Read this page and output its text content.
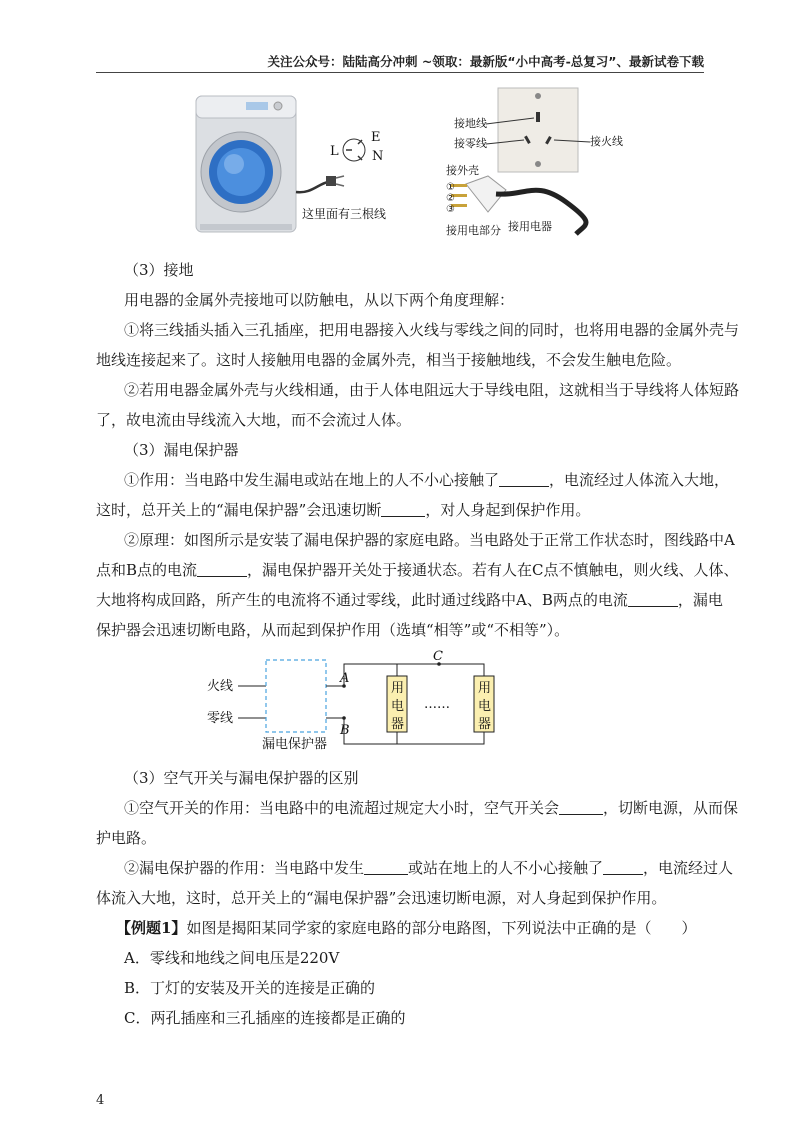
关注公众号：陆陆高分冲刺 ~领取：最新版“小中高考-总复习”、最新试卷下载
L
E
N
这里面有三根线
接地线
接零线	接火线
接外壳
①
②
③
接用电部分 接用电器
（3）接地
用电器的金属外壳接地可以防触电，从以下两个角度理解：
①将三线插头插入三孔插座，把用电器接入火线与零线之间的同时，也将用电器的金属外壳与
地线连接起来了。这时人接触用电器的金属外壳，相当于接触地线，不会发生触电危险。
②若用电器金属外壳与火线相通，由于人体电阻远大于导线电阻，这就相当于导线将人体短路
了，故电流由导线流入大地，而不会流过人体。
（3）漏电保护器
①作用：当电路中发生漏电或站在地上的人不小心接触了	，电流经过人体流入大地，
这时，总开关上的“漏电保护器”会迅速切断	，对人身起到保护作用。
②原理：如图所示是安装了漏电保护器的家庭电路。当电路处于正常工作状态时，图线路中A
点和B点的电流	，漏电保护器开关处于接通状态。若有人在C点不慎触电，则火线、人体、
大地将构成回路，所产生的电流将不通过零线，此时通过线路中A、B两点的电流	，漏电
保护器会迅速切断电路，从而起到保护作用（选填“相等”或“不相等”）。
火线
零线
漏电保护器
A
B
C
用
电
器
……
用
电
器
（3）空气开关与漏电保护器的区别
①空气开关的作用：当电路中的电流超过规定大小时，空气开关会	，切断电源，从而保
护电路。
②漏电保护器的作用：当电路中发生	或站在地上的人不小心接触了	，电流经过人
体流入大地，这时，总开关上的“漏电保护器”会迅速切断电源，对人身起到保护作用。
【例题1】如图是揭阳某同学家的家庭电路的部分电路图，下列说法中正确的是（　　）
A．零线和地线之间电压是220V
B．丁灯的安装及开关的连接是正确的
C．两孔插座和三孔插座的连接都是正确的
4
